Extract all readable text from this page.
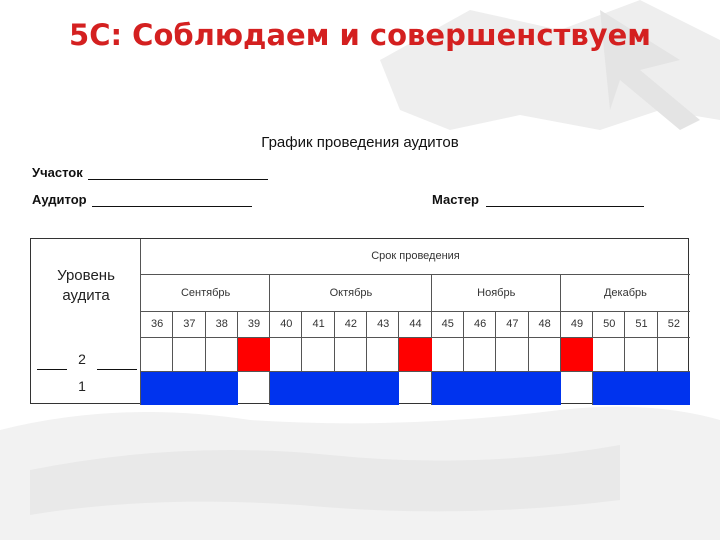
5С: Соблюдаем и совершенствуем
График проведения аудитов
Участок
Аудитор	Мастер
Уровень
аудита
2
1
Срок проведения
Сентябрь	Октябрь	Ноябрь	Декабрь
36	37	38	39	40	41	42	43	44	45	46	47	48	49	50	51	52
